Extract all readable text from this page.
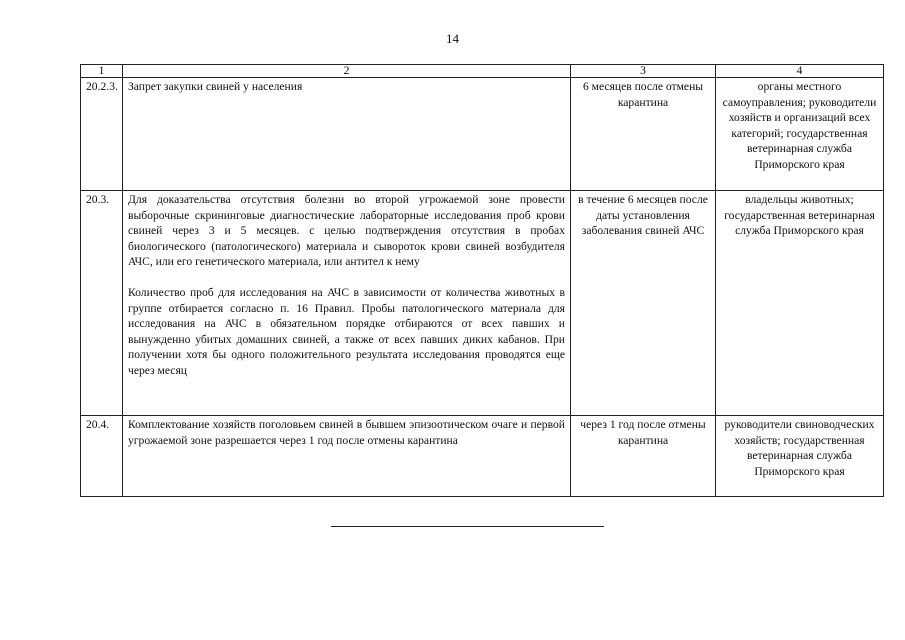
14
1	2	3	4
20.2.3.	Запрет закупки свиней у населения	6 месяцев после отмены карантина	органы местного самоуправления; руководители хозяйств и организаций всех категорий; государственная ветеринарная служба Приморского края
20.3.	Для доказательства отсутствия болезни во второй угрожаемой зоне провести выборочные скрининговые диагностические лабораторные исследования проб крови свиней через 3 и 5 месяцев. с целью подтверждения отсутствия в пробах биологического (патологического) материала и сывороток крови свиней возбудителя АЧС, или его генетического материала, или антител к нему

Количество проб для исследования на АЧС в зависимости от количества животных в группе отбирается согласно п. 16 Правил. Пробы патологического материала для исследования на АЧС в обязательном порядке отбираются от всех павших и вынужденно убитых домашних свиней, а также от всех павших диких кабанов. При получении хотя бы одного положительного результата исследования проводятся еще через месяц	в течение 6 месяцев после даты установления заболевания свиней АЧС	владельцы животных; государственная ветеринарная служба Приморского края
20.4.	Комплектование хозяйств поголовьем свиней в бывшем эпизоотическом очаге и первой угрожаемой зоне разрешается через 1 год после отмены карантина	через 1 год после отмены карантина	руководители свиноводческих хозяйств; государственная ветеринарная служба Приморского края
